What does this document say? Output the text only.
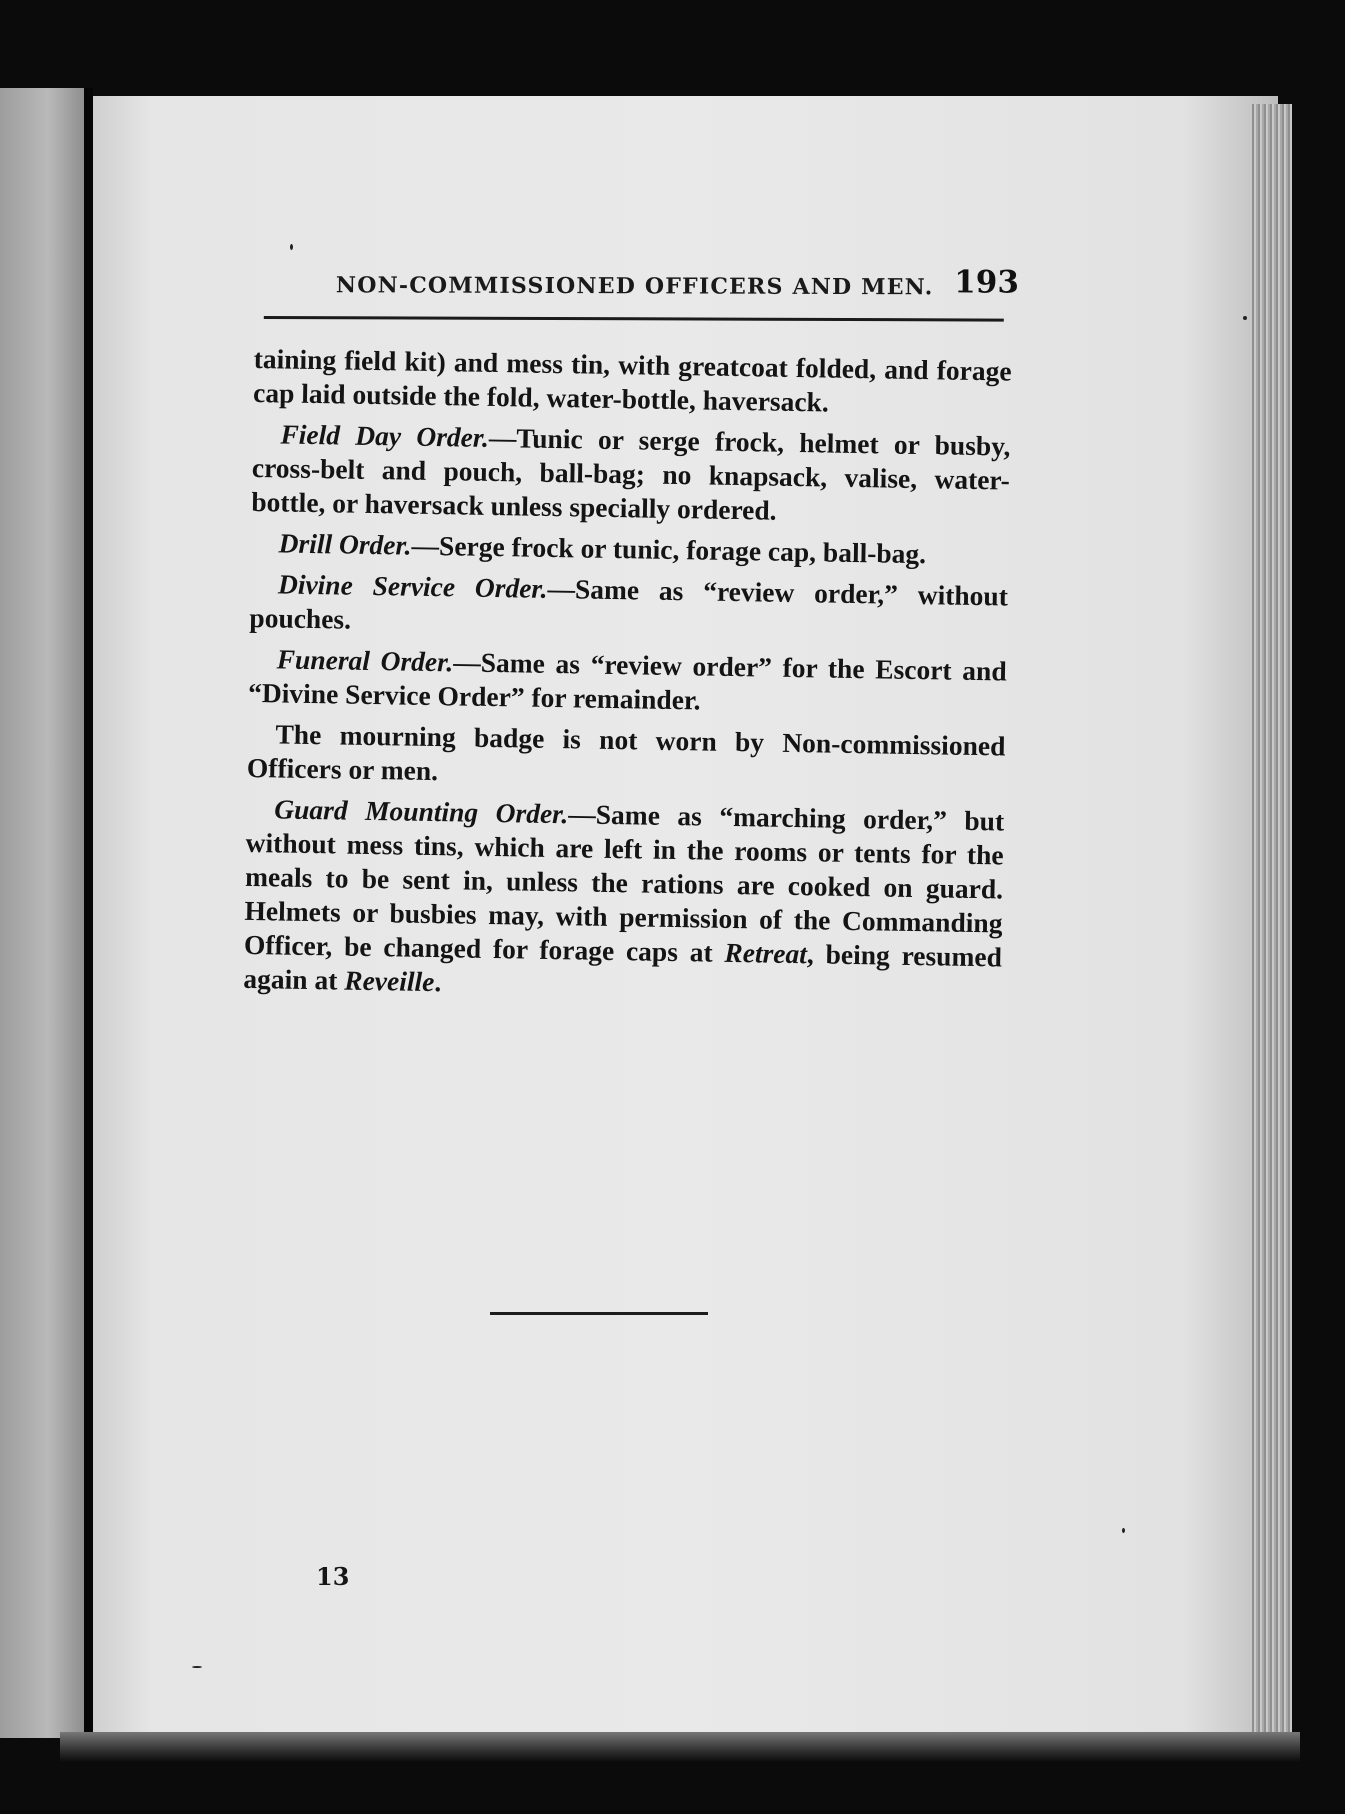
NON-COMMISSIONED OFFICERS AND MEN. 193

taining field kit) and mess tin, with greatcoat folded, and forage cap laid outside the fold, water-bottle, haversack.

Field Day Order.—Tunic or serge frock, helmet or busby, cross-belt and pouch, ball-bag; no knapsack, valise, water-bottle, or haversack unless specially ordered.

Drill Order.—Serge frock or tunic, forage cap, ball-bag.

Divine Service Order.—Same as “review order,” without pouches.

Funeral Order.—Same as “review order” for the Escort and “Divine Service Order” for remainder.

The mourning badge is not worn by Non-commissioned Officers or men.

Guard Mounting Order.—Same as “marching order,” but without mess tins, which are left in the rooms or tents for the meals to be sent in, unless the rations are cooked on guard. Helmets or busbies may, with permission of the Commanding Officer, be changed for forage caps at Retreat, being resumed again at Reveille.

13
